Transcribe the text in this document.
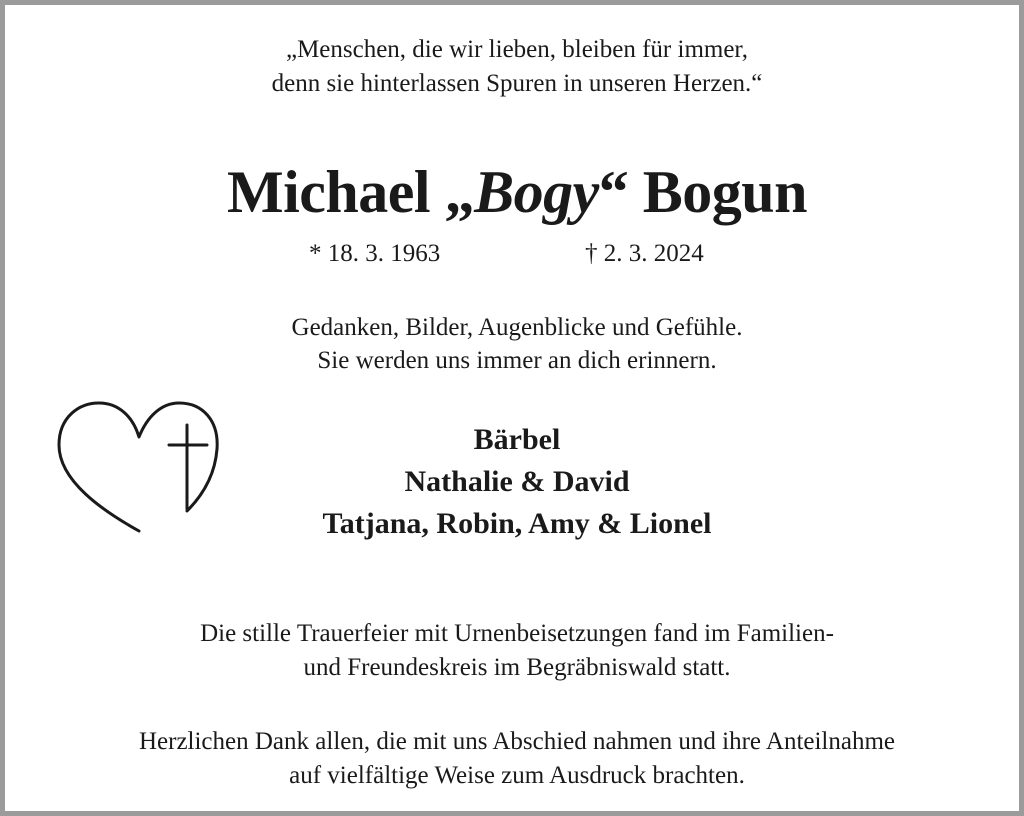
„Menschen, die wir lieben, bleiben für immer,
denn sie hinterlassen Spuren in unseren Herzen.“
Michael „Bogy“ Bogun
* 18. 3. 1963	† 2. 3. 2024
Gedanken, Bilder, Augenblicke und Gefühle.
Sie werden uns immer an dich erinnern.
Bärbel
Nathalie & David
Tatjana, Robin, Amy & Lionel
Die stille Trauerfeier mit Urnenbeisetzungen fand im Familien-
und Freundeskreis im Begräbniswald statt.
Herzlichen Dank allen, die mit uns Abschied nahmen und ihre Anteilnahme
auf vielfältige Weise zum Ausdruck brachten.
